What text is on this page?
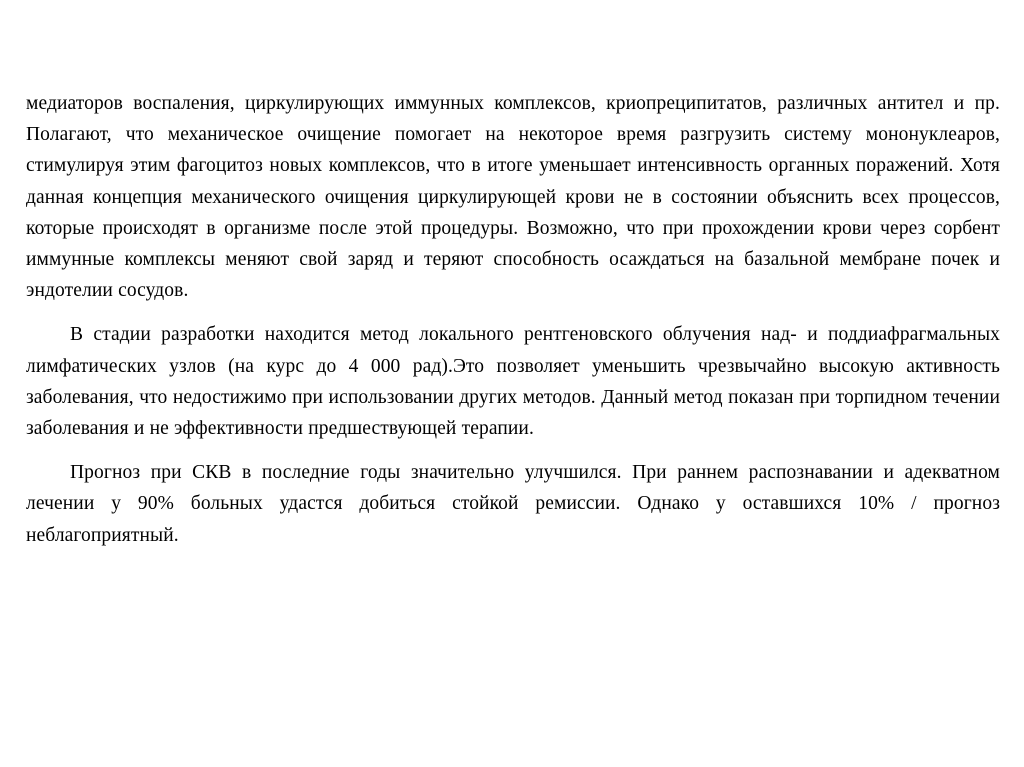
медиаторов воспаления, циркулирующих иммунных комплексов, криопреципитатов, различных антител и пр. Полагают, что механическое очищение помогает на некоторое время разгрузить систему мононуклеаров, стимулируя этим фагоцитоз новых комплексов, что в итоге уменьшает интенсивность органных поражений. Хотя данная концепция механического очищения циркулирующей крови не в состоянии объяснить всех процессов, которые происходят в организме после этой процедуры. Возможно, что при прохождении крови через сорбент иммунные комплексы меняют свой заряд и теряют способность осаждаться на базальной мембране почек и эндотелии сосудов.

В стадии разработки находится метод локального рентгеновского облучения над- и поддиафрагмальных лимфатических узлов (на курс до 4 000 рад).Это позволяет уменьшить чрезвычайно высокую активность заболевания, что недостижимо при использовании других методов. Данный метод показан при торпидном течении заболевания и не эффективности предшествующей терапии.

Прогноз при СКВ в последние годы значительно улучшился. При раннем распознавании и адекватном лечении у 90% больных удастся добиться стойкой ремиссии. Однако у оставшихся 10% / прогноз неблагоприятный.
